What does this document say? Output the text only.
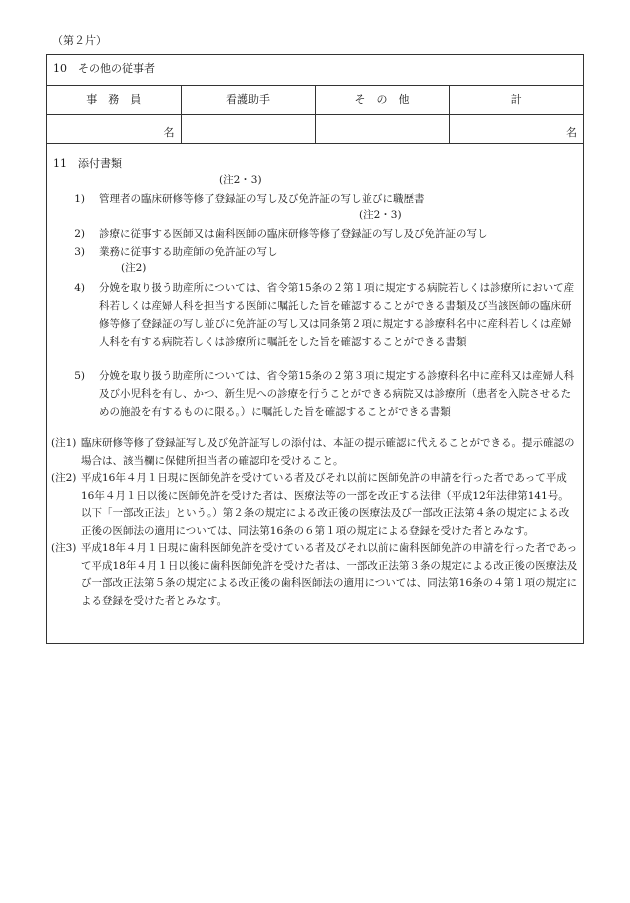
（第２片）
10　その他の従事者
事　務　員	看護助手	そ　の　他	計
名			名
11　添付書類
(注2・3)
1) 管理者の臨床研修等修了登録証の写し及び免許証の写し並びに職歴書
(注2・3)
2) 診療に従事する医師又は歯科医師の臨床研修等修了登録証の写し及び免許証の写し
3) 業務に従事する助産師の免許証の写し
(注2)
4) 分娩を取り扱う助産所については、省令第15条の２第１項に規定する病院若しくは診療所において産科若しくは産婦人科を担当する医師に嘱託した旨を確認することができる書類及び当該医師の臨床研修等修了登録証の写し並びに免許証の写し又は同条第２項に規定する診療科名中に産科若しくは産婦人科を有する病院若しくは診療所に嘱託をした旨を確認することができる書類
5) 分娩を取り扱う助産所については、省令第15条の２第３項に規定する診療科名中に産科又は産婦人科及び小児科を有し、かつ、新生児への診療を行うことができる病院又は診療所（患者を入院させるための施設を有するものに限る。）に嘱託した旨を確認することができる書類
(注1) 臨床研修等修了登録証写し及び免許証写しの添付は、本証の提示確認に代えることができる。提示確認の場合は、該当欄に保健所担当者の確認印を受けること。
(注2) 平成16年４月１日現に医師免許を受けている者及びそれ以前に医師免許の申請を行った者であって平成16年４月１日以後に医師免許を受けた者は、医療法等の一部を改正する法律（平成12年法律第141号。以下「一部改正法」という。）第２条の規定による改正後の医療法及び一部改正法第４条の規定による改正後の医師法の適用については、同法第16条の６第１項の規定による登録を受けた者とみなす。
(注3) 平成18年４月１日現に歯科医師免許を受けている者及びそれ以前に歯科医師免許の申請を行った者であって平成18年４月１日以後に歯科医師免許を受けた者は、一部改正法第３条の規定による改正後の医療法及び一部改正法第５条の規定による改正後の歯科医師法の適用については、同法第16条の４第１項の規定による登録を受けた者とみなす。
